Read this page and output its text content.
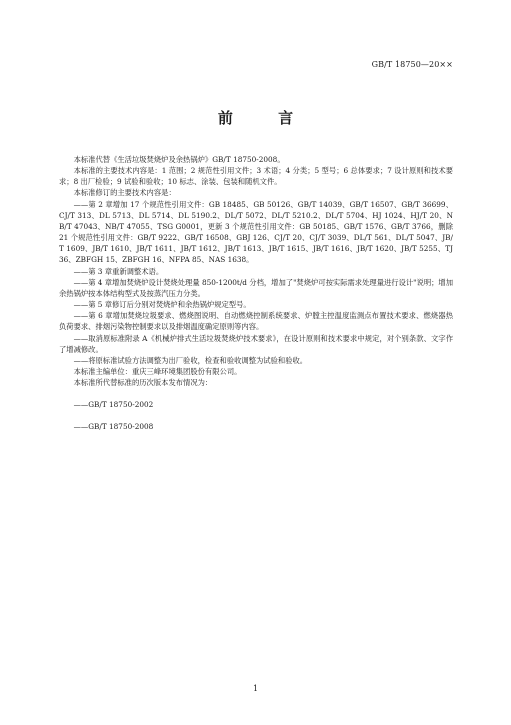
GB/T 18750—20××
前 言

本标准代替《生活垃圾焚烧炉及余热锅炉》GB/T 18750-2008。

本标准的主要技术内容是：1 范围；2 规范性引用文件；3 术语；4 分类；5 型号；6 总体要求；7 设计原则和技术要求；8 出厂检验；9 试验和验收；10 标志、涂装、包装和随机文件。

本标准修订的主要技术内容是：

——第 2 章增加 17 个规范性引用文件：GB 18485、GB 50126、GB/T 14039、GB/T 16507、GB/T 36699、CJ/T 313、DL 5713、DL 5714、DL 5190.2、DL/T 5072、DL/T 5210.2、DL/T 5704、HJ 1024、HJ/T 20、NB/T 47043、NB/T 47055、TSG G0001，更新 3 个规范性引用文件：GB 50185、GB/T 1576、GB/T 3766，删除 21 个规范性引用文件：GB/T 9222、GB/T 16508、GBJ 126、CJ/T 20、CJ/T 3039、DL/T 561、DL/T 5047、JB/T 1609、JB/T 1610、JB/T 1611、JB/T 1612、JB/T 1613、JB/T 1615、JB/T 1616、JB/T 1620、JB/T 5255、TJ 36、ZBFGH 15、ZBFGH 16、NFPA 85、NAS 1638。

——第 3 章重新调整术语。

——第 4 章增加焚烧炉设计焚烧处理量 850-1200t/d 分档，增加了"焚烧炉可按实际需求处理量进行设计"说明；增加余热锅炉按本体结构型式及按蒸汽压力分类。

——第 5 章修订后分别对焚烧炉和余热锅炉规定型号。

——第 6 章增加焚烧垃圾要求、燃烧图说明、自动燃烧控制系统要求、炉膛主控温度监测点布置技术要求、燃烧器热负荷要求、排烟污染物控制要求以及排烟温度确定原则等内容。

——取消原标准附录 A《机械炉排式生活垃圾焚烧炉技术要求》，在设计原则和技术要求中规定，对个别条款、文字作了增减修改。

——将原标准试验方法调整为出厂验收，检查和验收调整为试验和验收。

本标准主编单位：重庆三峰环境集团股份有限公司。

本标准所代替标准的历次版本发布情况为：

——GB/T 18750-2002

——GB/T 18750-2008

1
